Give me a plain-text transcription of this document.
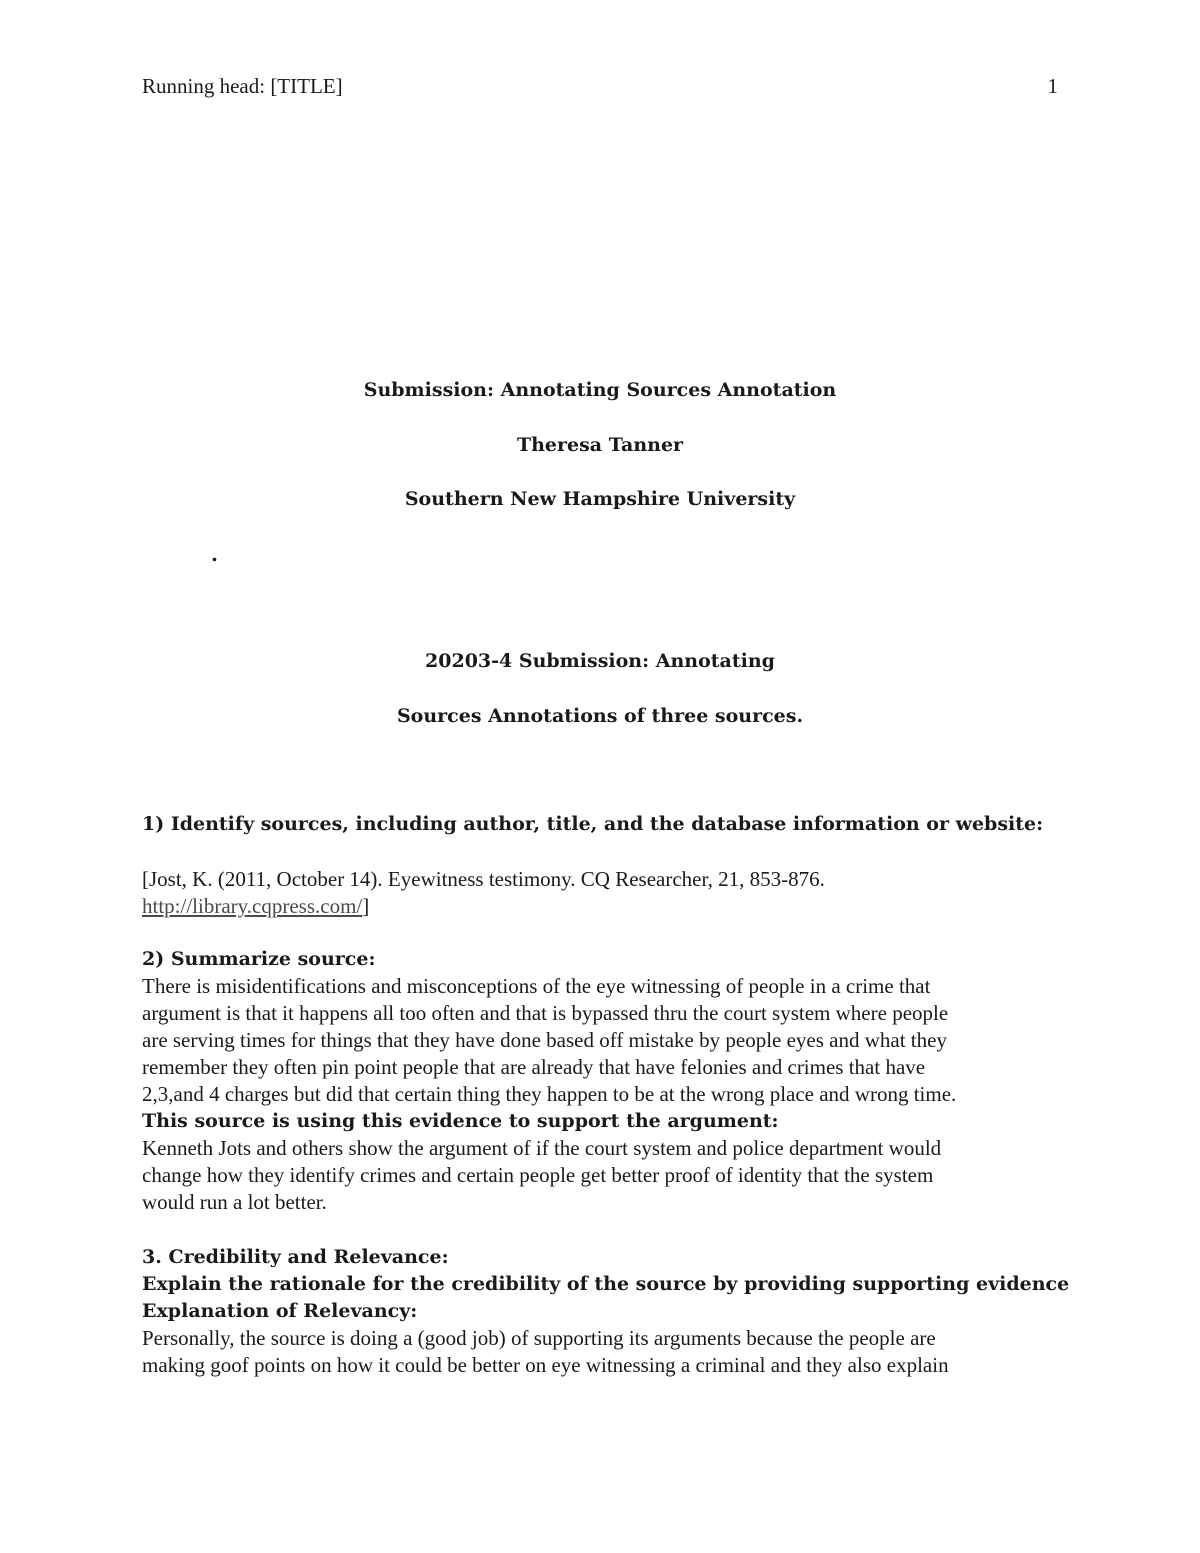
Running head: [TITLE]	1
Submission: Annotating Sources Annotation
Theresa Tanner
Southern New Hampshire University
.
20203-4 Submission: Annotating
Sources Annotations of three sources.
1) Identify sources, including author, title, and the database information or website:
[Jost, K. (2011, October 14). Eyewitness testimony. CQ Researcher, 21, 853-876.
http://library.cqpress.com/]
2) Summarize source:
There is misidentifications and misconceptions of the eye witnessing of people in a crime that
argument is that it happens all too often and that is bypassed thru the court system where people
are serving times for things that they have done based off mistake by people eyes and what they
remember they often pin point people that are already that have felonies and crimes that have
2,3,and 4 charges but did that certain thing they happen to be at the wrong place and wrong time.
This source is using this evidence to support the argument:
Kenneth Jots and others show the argument of if the court system and police department would
change how they identify crimes and certain people get better proof of identity that the system
would run a lot better.
3. Credibility and Relevance:
Explain the rationale for the credibility of the source by providing supporting evidence
Explanation of Relevancy:
Personally, the source is doing a (good job) of supporting its arguments because the people are
making goof points on how it could be better on eye witnessing a criminal and they also explain
